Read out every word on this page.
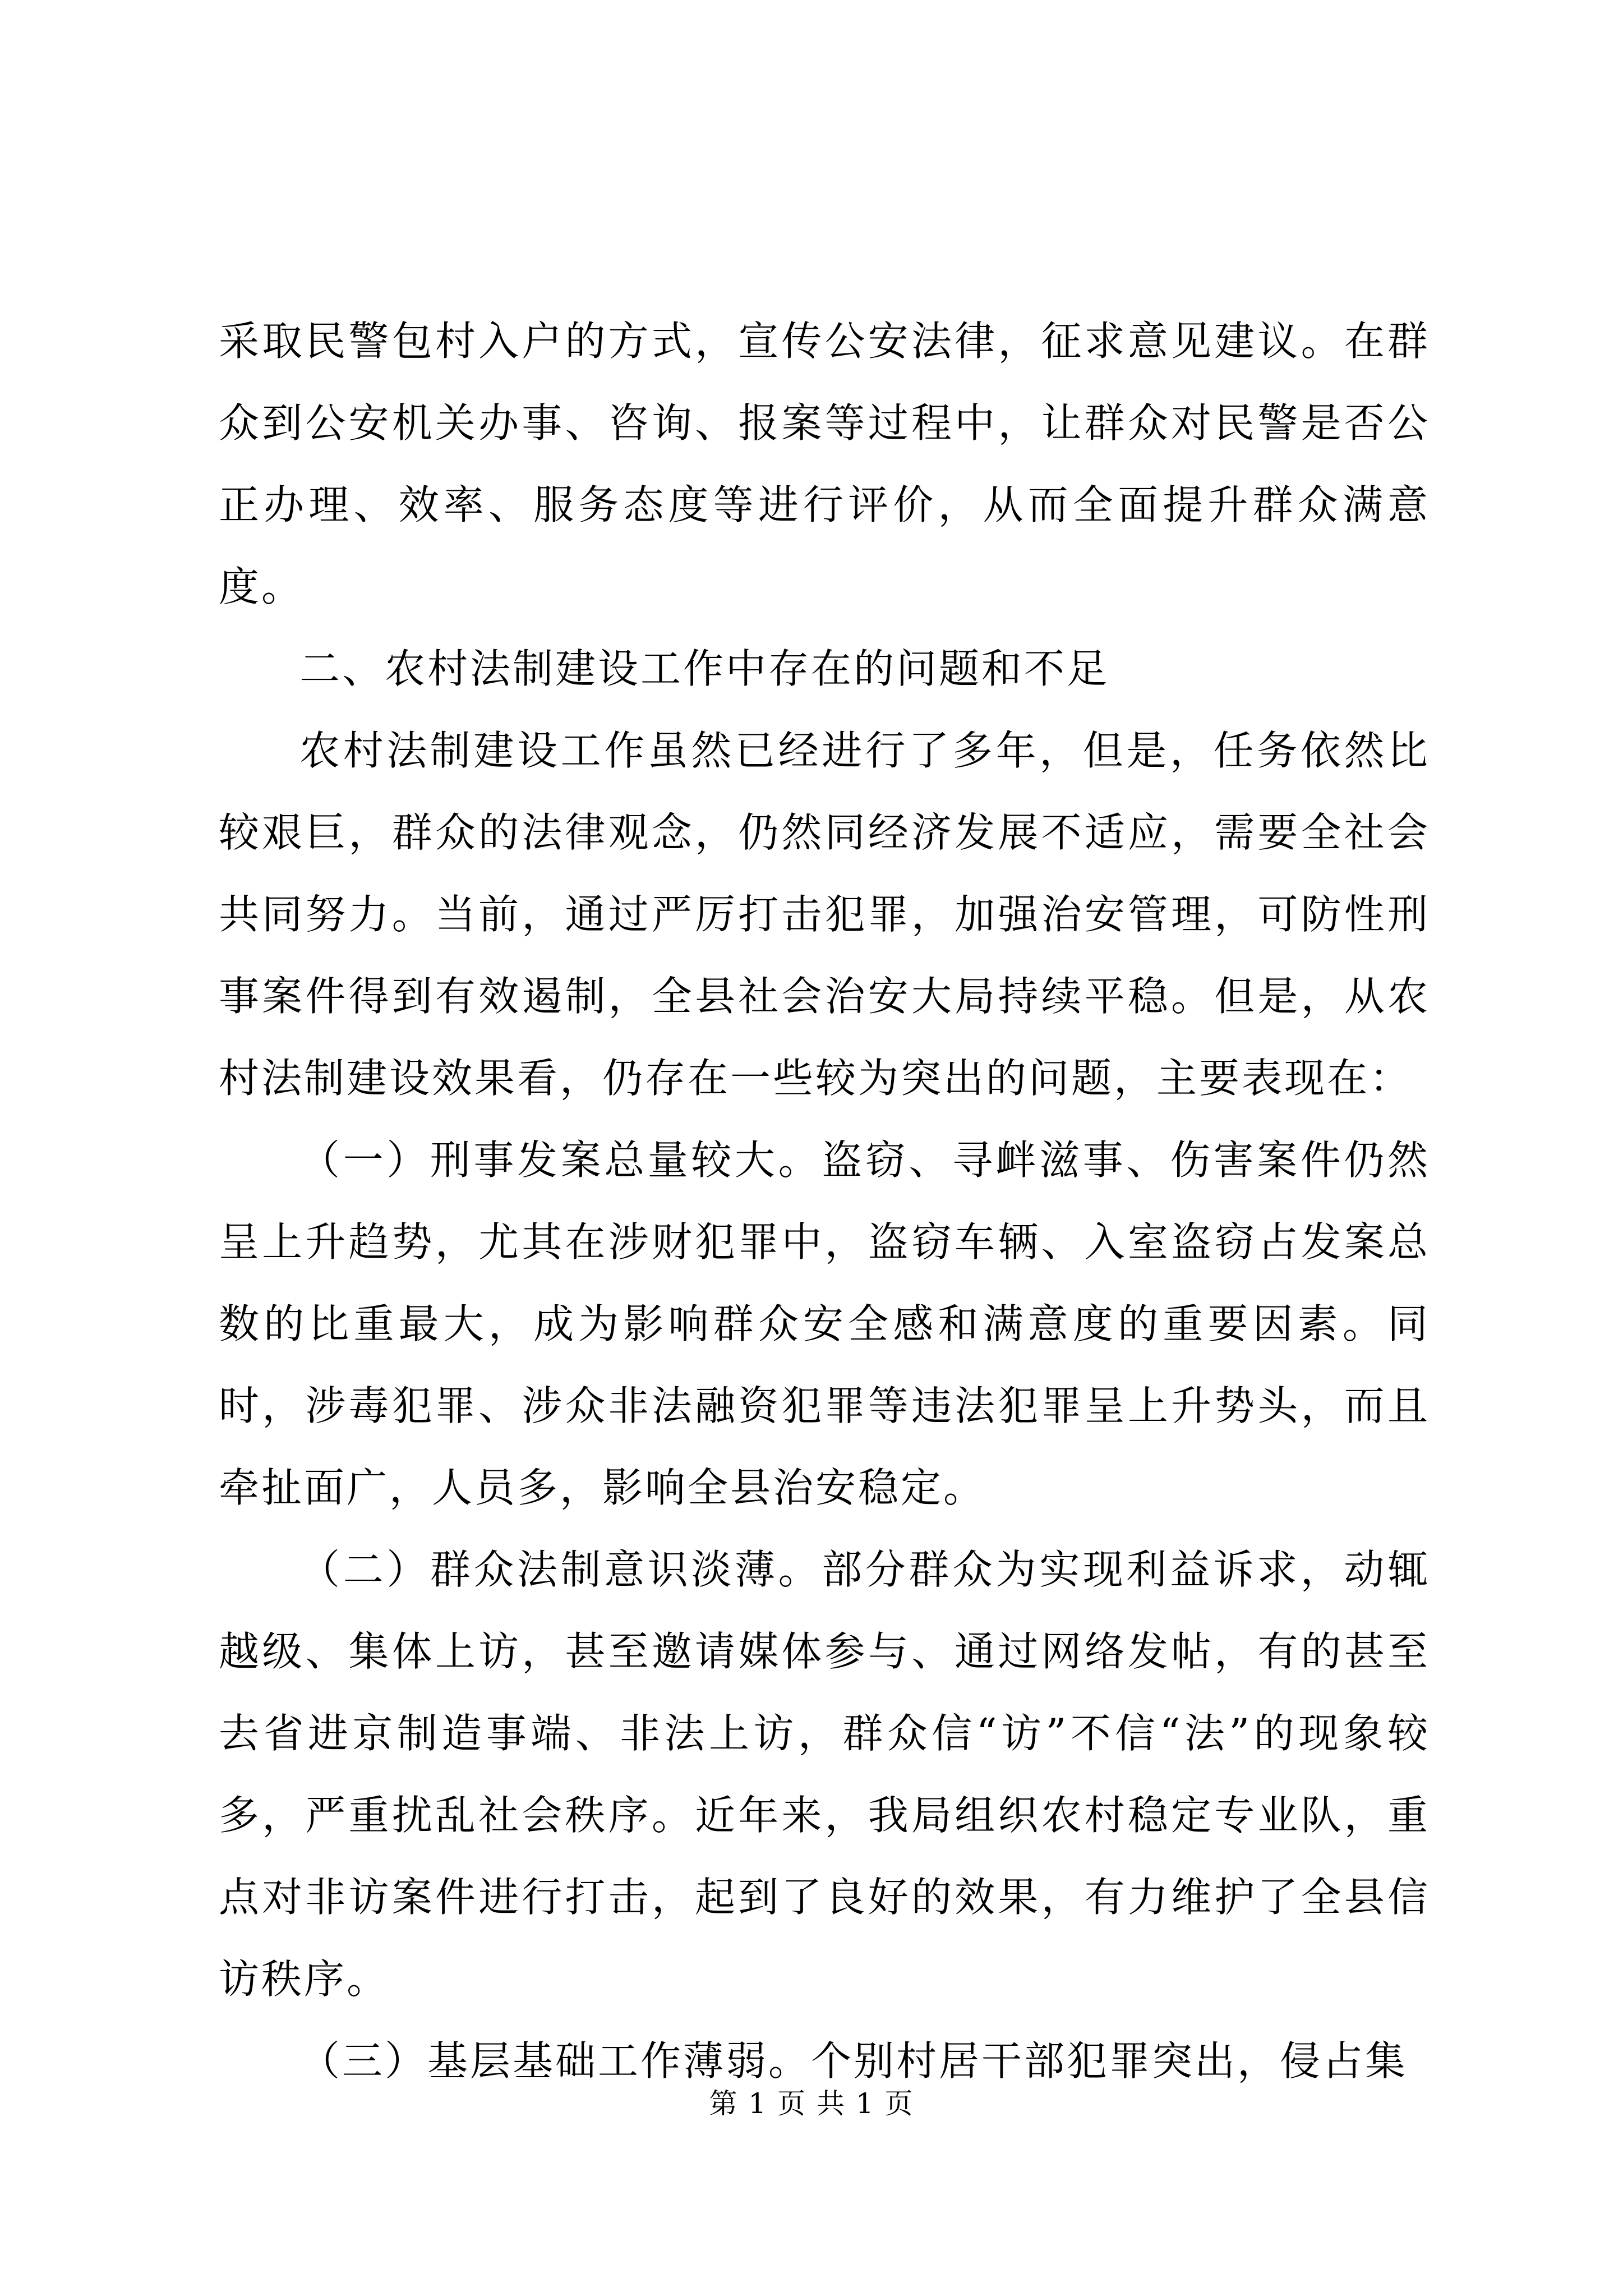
采取民警包村入户的方式，宣传公安法律，征求意见建议。在群众到公安机关办事、咨询、报案等过程中，让群众对民警是否公正办理、效率、服务态度等进行评价，从而全面提升群众满意度。

二、农村法制建设工作中存在的问题和不足

农村法制建设工作虽然已经进行了多年，但是，任务依然比较艰巨，群众的法律观念，仍然同经济发展不适应，需要全社会共同努力。当前，通过严厉打击犯罪，加强治安管理，可防性刑事案件得到有效遏制，全县社会治安大局持续平稳。但是，从农村法制建设效果看，仍存在一些较为突出的问题，主要表现在：

（一）刑事发案总量较大。盗窃、寻衅滋事、伤害案件仍然呈上升趋势，尤其在涉财犯罪中，盗窃车辆、入室盗窃占发案总数的比重最大，成为影响群众安全感和满意度的重要因素。同时，涉毒犯罪、涉众非法融资犯罪等违法犯罪呈上升势头，而且牵扯面广，人员多，影响全县治安稳定。

（二）群众法制意识淡薄。部分群众为实现利益诉求，动辄越级、集体上访，甚至邀请媒体参与、通过网络发帖，有的甚至去省进京制造事端、非法上访，群众信“访”不信“法”的现象较多，严重扰乱社会秩序。近年来，我局组织农村稳定专业队，重点对非访案件进行打击，起到了良好的效果，有力维护了全县信访秩序。

（三）基层基础工作薄弱。个别村居干部犯罪突出，侵占集

第 1 页 共 1 页
